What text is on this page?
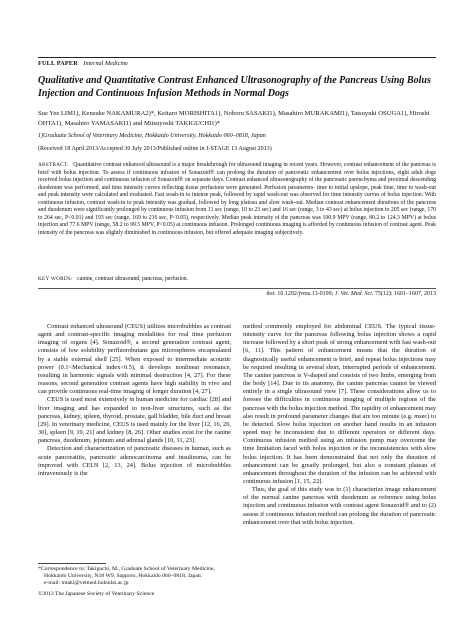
FULL PAPER Internal Medicine
Qualitative and Quantitative Contrast Enhanced Ultrasonography of the Pancreas Using Bolus Injection and Continuous Infusion Methods in Normal Dogs
Sue Yee LIM1), Kensuke NAKAMURA2)*, Keitaro MORISHITA1), Noboru SASAKI1), Masahiro MURAKAMI1), Tatsuyuki OSUGA1), Hiroshi OHTA1), Masahiro YAMASAKI1) and Mitsuyoshi TAKIGUCHI1)*
1)Graduate School of Veterinary Medicine, Hokkaido University, Hokkaido 060–0818, Japan
(Received 18 April 2013/Accepted 30 July 2013/Published online in J-STAGE 13 August 2013)
ABSTRACT. Quantitative contrast enhanced ultrasound is a major breakthrough for ultrasound imaging in recent years. However, contrast enhancement of the pancreas is brief with bolus injection. To assess if continuous infusion of Sonazoid® can prolong the duration of pancreatic enhancement over bolus injections, eight adult dogs received bolus injection and continuous infusion of Sonazoid® on separate days. Contrast enhanced ultrasonography of the pancreatic parenchyma and proximal descending duodenum was performed, and time intensity curves reflecting tissue perfusions were generated. Perfusion parameters- time to initial upslope, peak time, time to wash-out and peak intensity were calculated and evaluated. Fast wash-in to intense peak, followed by rapid wash-out was observed for time intensity curves of bolus injection. With continuous infusion, contrast wash-in to peak intensity was gradual, followed by long plateau and slow wash-out. Median contrast enhancement durations of the pancreas and duodenum were significantly prolonged by continuous infusion from 11 sec (range, 10 to 23 sec) and 16 sec (range, 3 to 43 sec) at bolus injection to 205 sec (range, 170 to 264 sec, P<0.01) and 193 sec (range, 169 to 216 sec, P<0.05), respectively. Median peak intensity of the pancreas was 100.9 MPV (range, 80.2 to 124.3 MPV) at bolus injection and 77.6 MPV (range, 58.2 to 99.5 MPV, P<0.05) at continuous infusion. Prolonged continuous imaging is afforded by continuous infusion of contrast agent. Peak intensity of the pancreas was slightly diminished in continuous infusion, but offered adequate imaging subjectively.
KEY WORDS: canine, contrast ultrasound, pancreas, perfusion.
doi: 10.1292/jvms.13-0199; J. Vet. Med. Sci. 75(12): 1601–1607, 2013

Contrast enhanced ultrasound (CEUS) utilizes microbubbles as contrast agent and contrast-specific imaging modalities for real time perfusion imaging of organs [4]. Sonazoid®, a second generation contrast agent, consists of low solubility perfluorobutane gas microspheres encapsulated by a stable external shell [25]. When exposed to intermediate acoustic power (0.1<Mechanical index<0.5), it develops nonlinear resonance, resulting in harmonic signals with minimal destruction [4, 27]. For these reasons, second generation contrast agents have high stability in vivo and can provide continuous real-time imaging of longer duration [4, 27].

CEUS is used most extensively in human medicine for cardiac [28] and liver imaging and has expanded to non-liver structures, such as the pancreas, kidney, spleen, thyroid, prostate, gall bladder, bile duct and breast [29]. In veterinary medicine, CEUS is used mainly for the liver [12, 16, 20, 30], spleen [9, 19, 21] and kidney [8, 26]. Other studies exist for the canine pancreas, duodenum, jejunum and adrenal glands [10, 11, 23].

Detection and characterization of pancreatic diseases in human, such as acute pancreatitis, pancreatic adenocarcinoma and insulinoma, can be improved with CEUS [2, 13, 24]. Bolus injection of microbubbles intravenously is the

method commonly employed for abdominal CEUS. The typical tissue-intensity curve for the pancreas following bolus injection shows a rapid increase followed by a short peak of strong enhancement with fast wash-out [6, 11]. This pattern of enhancement means that the duration of diagnostically useful enhancement is brief, and repeat bolus injections may be required resulting in several short, interrupted periods of enhancement. The canine pancreas is V-shaped and consists of two limbs, emerging from the body [14]. Due to its anatomy, the canine pancreas cannot be viewed entirely in a single ultrasound view [7]. These considerations allow us to foresee the difficulties in continuous imaging of multiple regions of the pancreas with the bolus injection method. The rapidity of enhancement may also result in profound parameter changes that are too minute (e.g. msec) to be detected. Slow bolus injection on another hand results in an infusion speed may be inconsistent due to different operators or different days. Continuous infusion method using an infusion pump may overcome the time limitation faced with bolus injection or the inconsistencies with slow bolus injection. It has been demonstrated that not only the duration of enhancement can be greatly prolonged, but also a constant plateau of enhancement throughout the duration of the infusion can be achieved with continuous infusion [1, 15, 22].

Thus, the goal of this study was to (1) characterize image enhancement of the normal canine pancreas with duodenum as reference using bolus injection and continuous infusion with contrast agent Sonazoid® and to (2) assess if continuous infusion method can prolong the duration of pancreatic enhancement over that with bolus injection.

*Correspondence to: Takiguchi, M., Graduate School of Veterinary Medicine, Hokkaido University, N18 W9, Sapporo, Hokkaido 060–0818, Japan.
e-mail: mtaki@vetmed.hokudai.ac.jp
©2013 The Japanese Society of Veterinary Science
